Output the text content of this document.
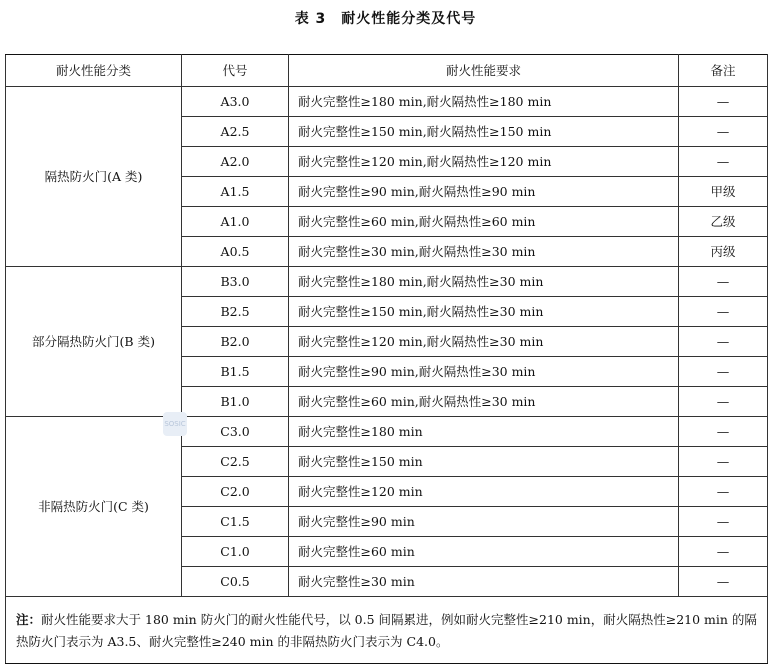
表 3　耐火性能分类及代号
耐火性能分类	代号	耐火性能要求	备注
隔热防火门(A 类)	A3.0	耐火完整性≥180 min,耐火隔热性≥180 min	—
	A2.5	耐火完整性≥150 min,耐火隔热性≥150 min	—
	A2.0	耐火完整性≥120 min,耐火隔热性≥120 min	—
	A1.5	耐火完整性≥90 min,耐火隔热性≥90 min	甲级
	A1.0	耐火完整性≥60 min,耐火隔热性≥60 min	乙级
	A0.5	耐火完整性≥30 min,耐火隔热性≥30 min	丙级
部分隔热防火门(B 类)	B3.0	耐火完整性≥180 min,耐火隔热性≥30 min	—
	B2.5	耐火完整性≥150 min,耐火隔热性≥30 min	—
	B2.0	耐火完整性≥120 min,耐火隔热性≥30 min	—
	B1.5	耐火完整性≥90 min,耐火隔热性≥30 min	—
	B1.0	耐火完整性≥60 min,耐火隔热性≥30 min	—
非隔热防火门(C 类)	C3.0	耐火完整性≥180 min	—
	C2.5	耐火完整性≥150 min	—
	C2.0	耐火完整性≥120 min	—
	C1.5	耐火完整性≥90 min	—
	C1.0	耐火完整性≥60 min	—
	C0.5	耐火完整性≥30 min	—
注：耐火性能要求大于 180 min 防火门的耐火性能代号，以 0.5 间隔累进，例如耐火完整性≥210 min，耐火隔热性≥210 min 的隔热防火门表示为 A3.5、耐火完整性≥240 min 的非隔热防火门表示为 C4.0。			
SOSIC
